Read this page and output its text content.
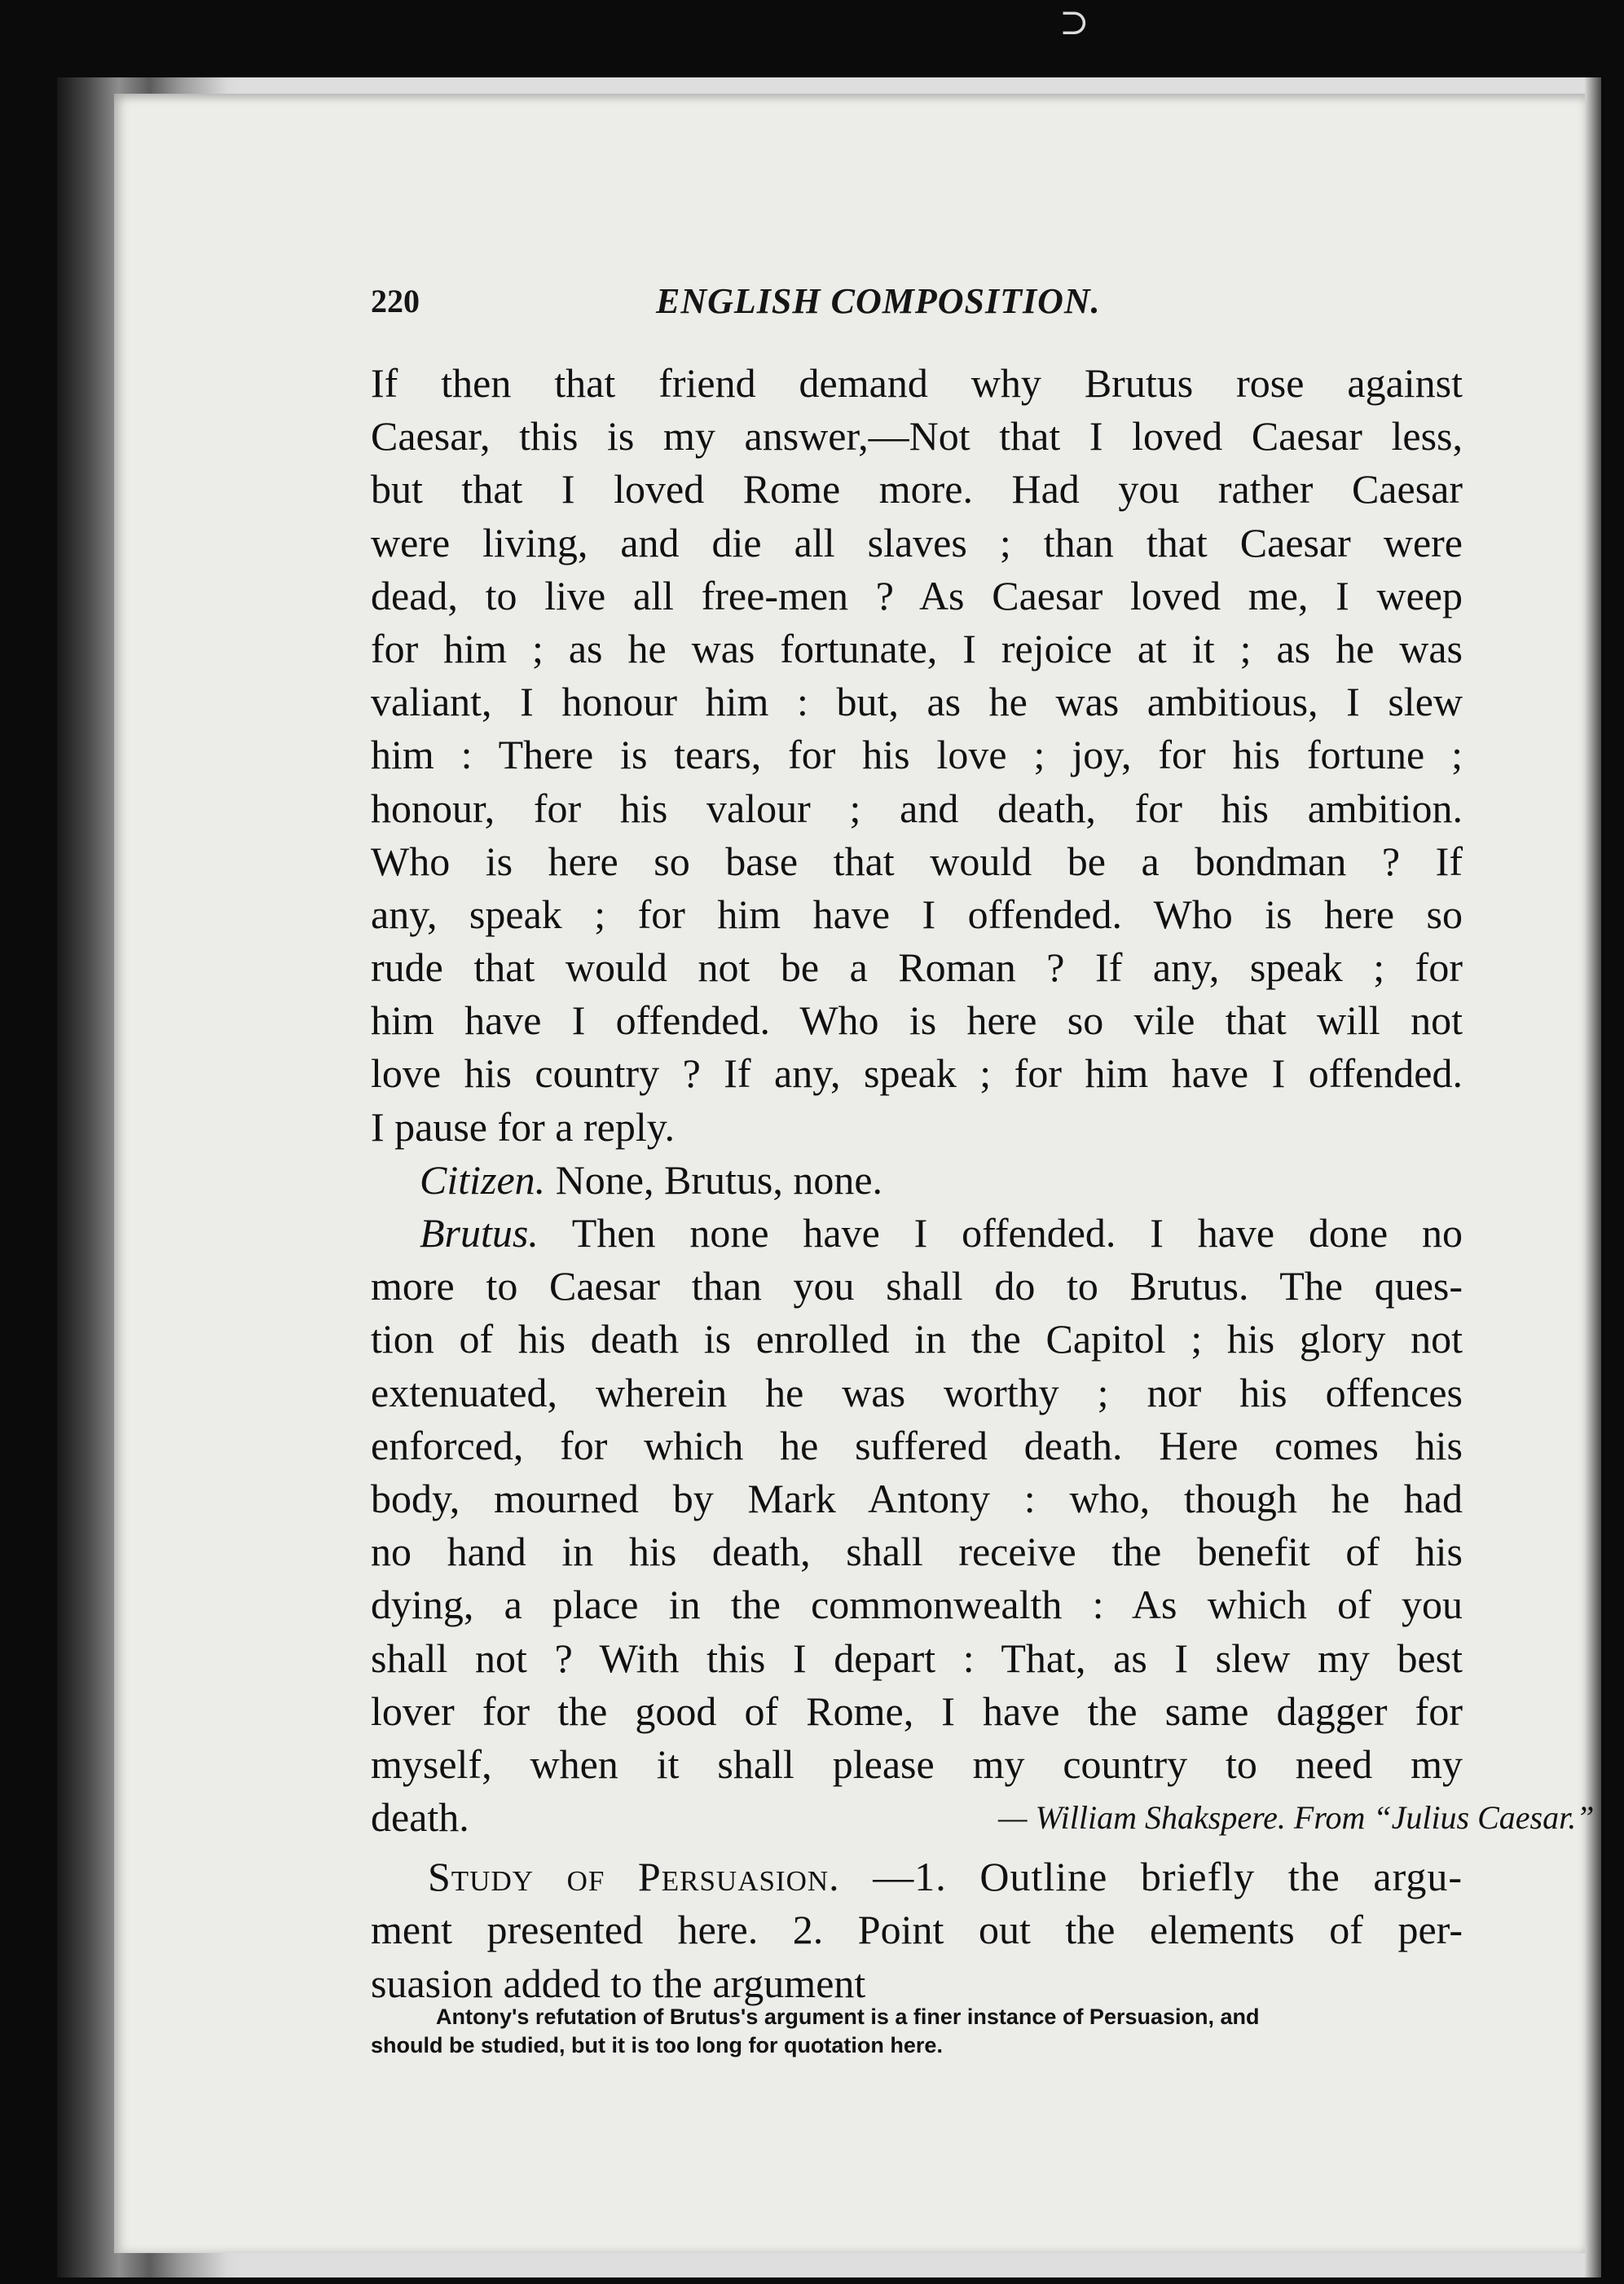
⊃
220	ENGLISH COMPOSITION.
If then that friend demand why Brutus rose against
Caesar, this is my answer,—Not that I loved Caesar less,
but that I loved Rome more. Had you rather Caesar
were living, and die all slaves ; than that Caesar were
dead, to live all free-men ? As Caesar loved me, I weep
for him ; as he was fortunate, I rejoice at it ; as he was
valiant, I honour him : but, as he was ambitious, I slew
him : There is tears, for his love ; joy, for his fortune ;
honour, for his valour ; and death, for his ambition.
Who is here so base that would be a bondman ? If
any, speak ; for him have I offended. Who is here so
rude that would not be a Roman ? If any, speak ; for
him have I offended. Who is here so vile that will not
love his country ? If any, speak ; for him have I offended.
I pause for a reply.
Citizen. None, Brutus, none.
Brutus. Then none have I offended. I have done no
more to Caesar than you shall do to Brutus. The ques-
tion of his death is enrolled in the Capitol ; his glory not
extenuated, wherein he was worthy ; nor his offences
enforced, for which he suffered death. Here comes his
body, mourned by Mark Antony : who, though he had
no hand in his death, shall receive the benefit of his
dying, a place in the commonwealth : As which of you
shall not ? With this I depart : That, as I slew my best
lover for the good of Rome, I have the same dagger for
myself, when it shall please my country to need my
death.	— William Shakspere. From “Julius Caesar.”
Study of Persuasion. —1. Outline briefly the argu-
ment presented here. 2. Point out the elements of per-
suasion added to the argument
Antony's refutation of Brutus's argument is a finer instance of Persuasion, and
should be studied, but it is too long for quotation here.
